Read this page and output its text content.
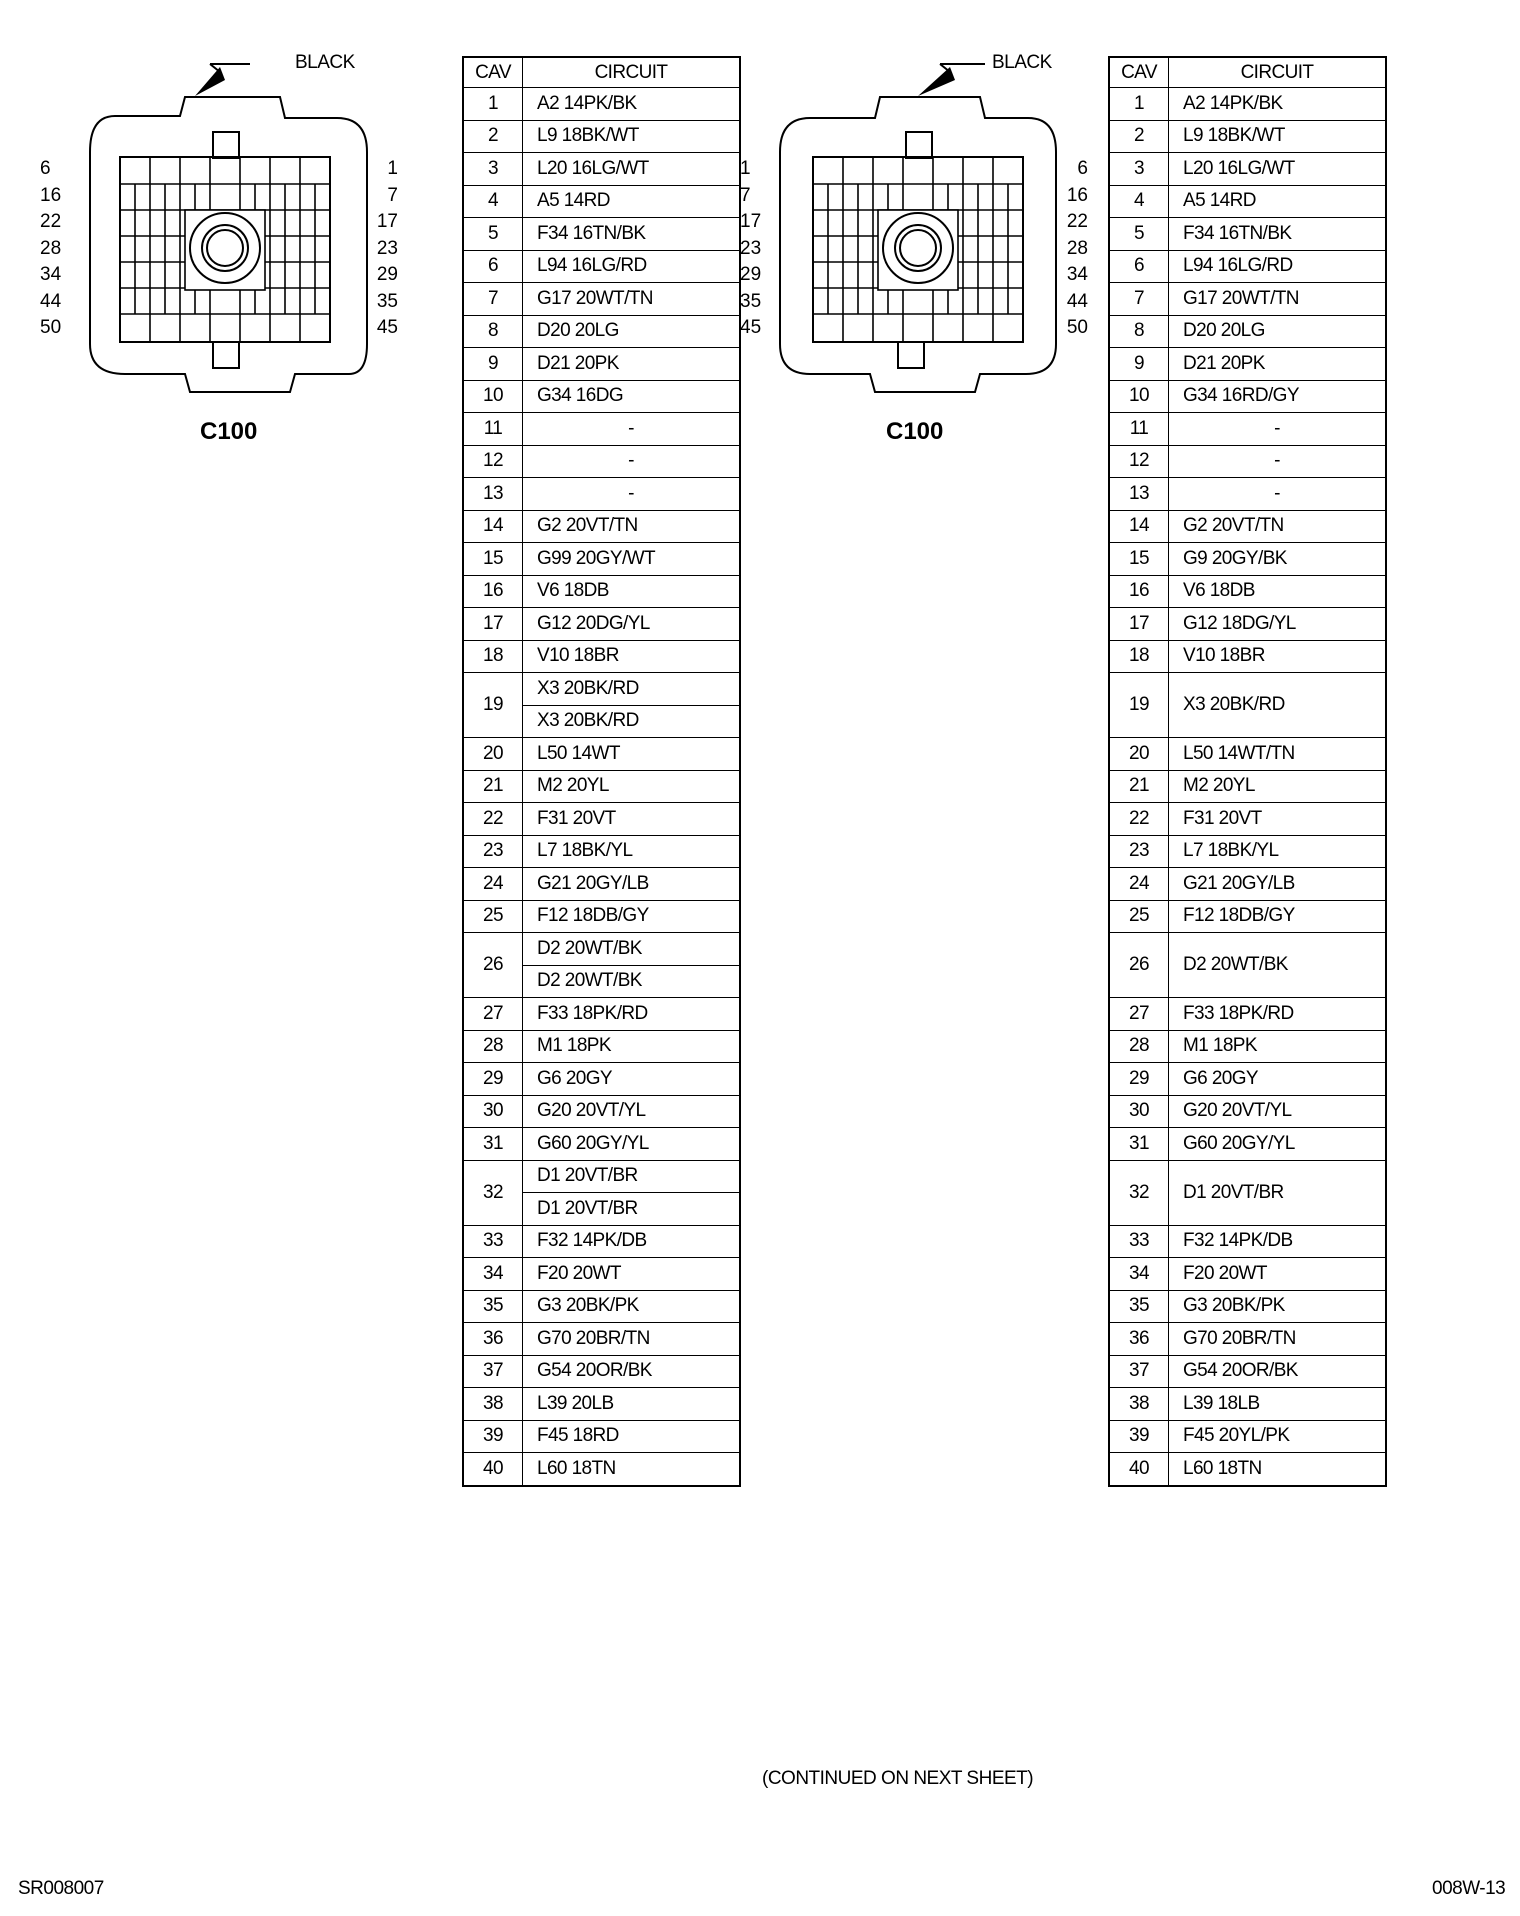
BLACK
6
16
22
28
34
44
50
1
7
17
23
29
35
45
C100
BLACK
1
7
17
23
29
35
45
6
16
22
28
34
44
50
C100
CAV	CIRCUIT
1	A2 14PK/BK
2	L9 18BK/WT
3	L20 16LG/WT
4	A5 14RD
5	F34 16TN/BK
6	L94 16LG/RD
7	G17 20WT/TN
8	D20 20LG
9	D21 20PK
10	G34 16DG
11	-
12	-
13	-
14	G2 20VT/TN
15	G99 20GY/WT
16	V6 18DB
17	G12 20DG/YL
18	V10 18BR
19	X3 20BK/RD
	X3 20BK/RD
20	L50 14WT
21	M2 20YL
22	F31 20VT
23	L7 18BK/YL
24	G21 20GY/LB
25	F12 18DB/GY
26	D2 20WT/BK
	D2 20WT/BK
27	F33 18PK/RD
28	M1 18PK
29	G6 20GY
30	G20 20VT/YL
31	G60 20GY/YL
32	D1 20VT/BR
	D1 20VT/BR
33	F32 14PK/DB
34	F20 20WT
35	G3 20BK/PK
36	G70 20BR/TN
37	G54 20OR/BK
38	L39 20LB
39	F45 18RD
40	L60 18TN
CAV	CIRCUIT
1	A2 14PK/BK
2	L9 18BK/WT
3	L20 16LG/WT
4	A5 14RD
5	F34 16TN/BK
6	L94 16LG/RD
7	G17 20WT/TN
8	D20 20LG
9	D21 20PK
10	G34 16RD/GY
11	-
12	-
13	-
14	G2 20VT/TN
15	G9 20GY/BK
16	V6 18DB
17	G12 18DG/YL
18	V10 18BR
19	X3 20BK/RD
20	L50 14WT/TN
21	M2 20YL
22	F31 20VT
23	L7 18BK/YL
24	G21 20GY/LB
25	F12 18DB/GY
26	D2 20WT/BK
27	F33 18PK/RD
28	M1 18PK
29	G6 20GY
30	G20 20VT/YL
31	G60 20GY/YL
32	D1 20VT/BR
33	F32 14PK/DB
34	F20 20WT
35	G3 20BK/PK
36	G70 20BR/TN
37	G54 20OR/BK
38	L39 18LB
39	F45 20YL/PK
40	L60 18TN
(CONTINUED ON NEXT SHEET)
SR008007	008W-13
